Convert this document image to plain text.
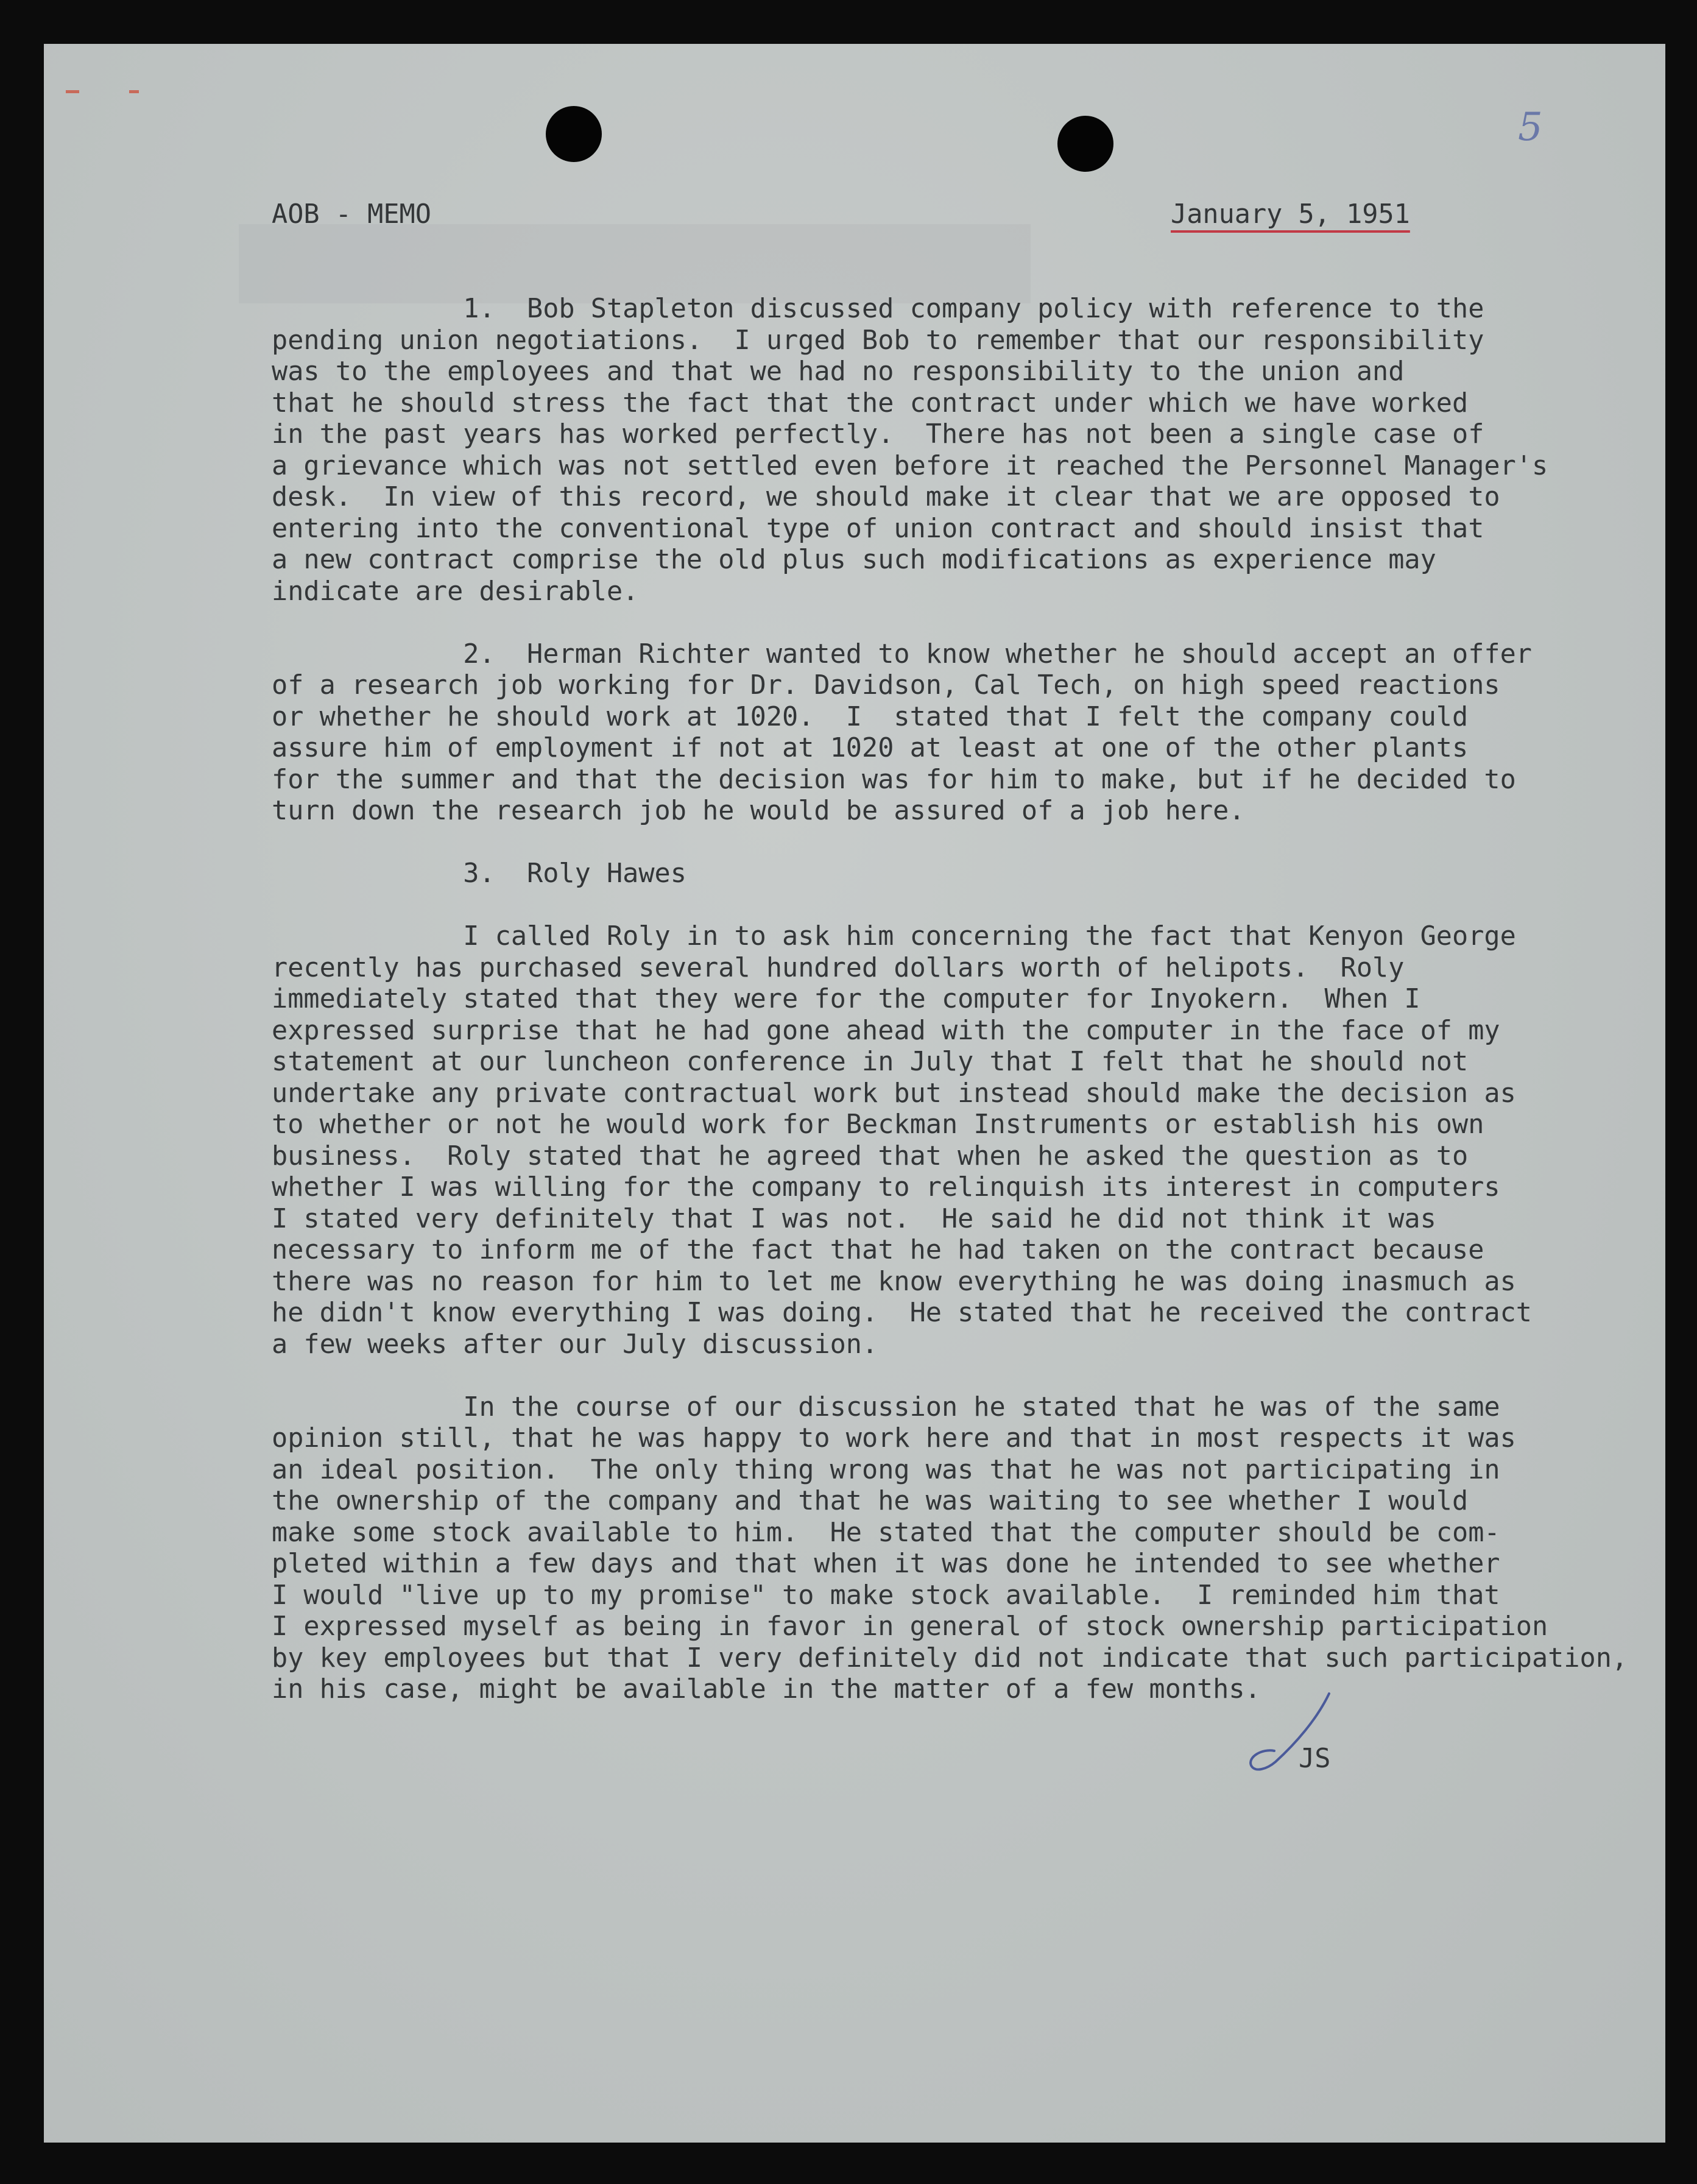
5

AOB - MEMO	January 5, 1951

1.  Bob Stapleton discussed company policy with reference to the
pending union negotiations.  I urged Bob to remember that our responsibility
was to the employees and that we had no responsibility to the union and
that he should stress the fact that the contract under which we have worked
in the past years has worked perfectly.  There has not been a single case of
a grievance which was not settled even before it reached the Personnel Manager's
desk.  In view of this record, we should make it clear that we are opposed to
entering into the conventional type of union contract and should insist that
a new contract comprise the old plus such modifications as experience may
indicate are desirable.

2.  Herman Richter wanted to know whether he should accept an offer
of a research job working for Dr. Davidson, Cal Tech, on high speed reactions
or whether he should work at 1020.  I  stated that I felt the company could
assure him of employment if not at 1020 at least at one of the other plants
for the summer and that the decision was for him to make, but if he decided to
turn down the research job he would be assured of a job here.

3.  Roly Hawes

I called Roly in to ask him concerning the fact that Kenyon George
recently has purchased several hundred dollars worth of helipots.  Roly
immediately stated that they were for the computer for Inyokern.  When I
expressed surprise that he had gone ahead with the computer in the face of my
statement at our luncheon conference in July that I felt that he should not
undertake any private contractual work but instead should make the decision as
to whether or not he would work for Beckman Instruments or establish his own
business.  Roly stated that he agreed that when he asked the question as to
whether I was willing for the company to relinquish its interest in computers
I stated very definitely that I was not.  He said he did not think it was
necessary to inform me of the fact that he had taken on the contract because
there was no reason for him to let me know everything he was doing inasmuch as
he didn't know everything I was doing.  He stated that he received the contract
a few weeks after our July discussion.

In the course of our discussion he stated that he was of the same
opinion still, that he was happy to work here and that in most respects it was
an ideal position.  The only thing wrong was that he was not participating in
the ownership of the company and that he was waiting to see whether I would
make some stock available to him.  He stated that the computer should be com-
pleted within a few days and that when it was done he intended to see whether
I would "live up to my promise" to make stock available.  I reminded him that
I expressed myself as being in favor in general of stock ownership participation
by key employees but that I very definitely did not indicate that such participation,
in his case, might be available in the matter of a few months.

JS
